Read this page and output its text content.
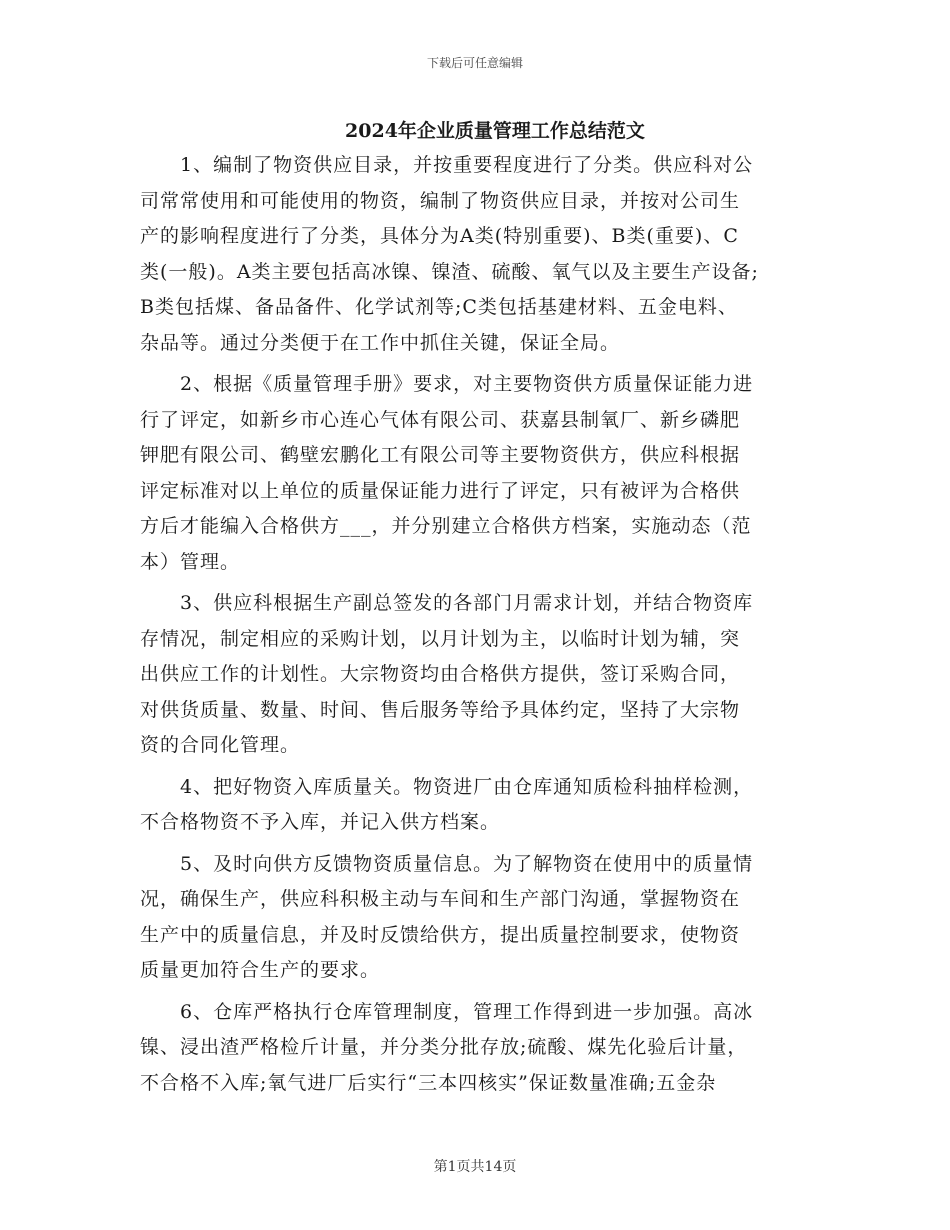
下载后可任意编辑
2024年企业质量管理工作总结范文

　　1、编制了物资供应目录，并按重要程度进行了分类。供应科对公
司常常使用和可能使用的物资，编制了物资供应目录，并按对公司生
产的影响程度进行了分类，具体分为A类(特别重要)、B类(重要)、C
类(一般)。A类主要包括高冰镍、镍渣、硫酸、氧气以及主要生产设备;
B类包括煤、备品备件、化学试剂等;C类包括基建材料、五金电料、
杂品等。通过分类便于在工作中抓住关键，保证全局。

　　2、根据《质量管理手册》要求，对主要物资供方质量保证能力进
行了评定，如新乡市心连心气体有限公司、获嘉县制氧厂、新乡磷肥
钾肥有限公司、鹤壁宏鹏化工有限公司等主要物资供方，供应科根据
评定标准对以上单位的质量保证能力进行了评定，只有被评为合格供
方后才能编入合格供方___，并分别建立合格供方档案，实施动态（范
本）管理。

　　3、供应科根据生产副总签发的各部门月需求计划，并结合物资库
存情况，制定相应的采购计划，以月计划为主，以临时计划为辅，突
出供应工作的计划性。大宗物资均由合格供方提供，签订采购合同，
对供货质量、数量、时间、售后服务等给予具体约定，坚持了大宗物
资的合同化管理。

　　4、把好物资入库质量关。物资进厂由仓库通知质检科抽样检测，
不合格物资不予入库，并记入供方档案。

　　5、及时向供方反馈物资质量信息。为了解物资在使用中的质量情
况，确保生产，供应科积极主动与车间和生产部门沟通，掌握物资在
生产中的质量信息，并及时反馈给供方，提出质量控制要求，使物资
质量更加符合生产的要求。

　　6、仓库严格执行仓库管理制度，管理工作得到进一步加强。高冰
镍、浸出渣严格检斤计量，并分类分批存放;硫酸、煤先化验后计量，
不合格不入库;氧气进厂后实行“三本四核实”保证数量准确;五金杂

第1页共14页
